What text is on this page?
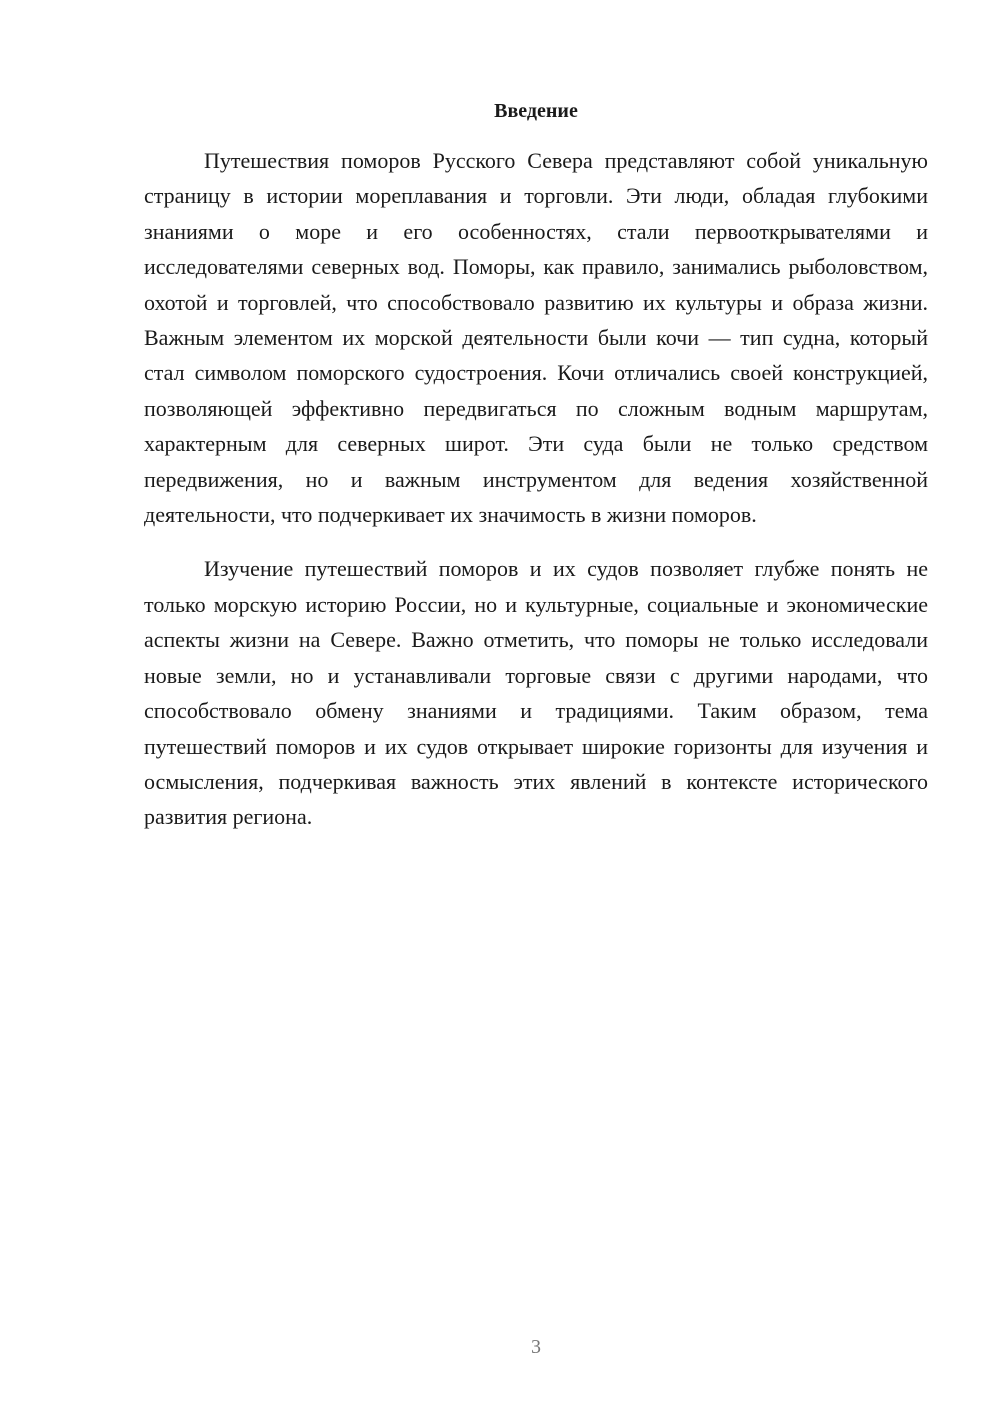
Введение

Путешествия поморов Русского Севера представляют собой уникальную страницу в истории мореплавания и торговли. Эти люди, обладая глубокими знаниями о море и его особенностях, стали первооткрывателями и исследователями северных вод. Поморы, как правило, занимались рыболовством, охотой и торговлей, что способствовало развитию их культуры и образа жизни. Важным элементом их морской деятельности были кочи — тип судна, который стал символом поморского судостроения. Кочи отличались своей конструкцией, позволяющей эффективно передвигаться по сложным водным маршрутам, характерным для северных широт. Эти суда были не только средством передвижения, но и важным инструментом для ведения хозяйственной деятельности, что подчеркивает их значимость в жизни поморов.

Изучение путешествий поморов и их судов позволяет глубже понять не только морскую историю России, но и культурные, социальные и экономические аспекты жизни на Севере. Важно отметить, что поморы не только исследовали новые земли, но и устанавливали торговые связи с другими народами, что способствовало обмену знаниями и традициями. Таким образом, тема путешествий поморов и их судов открывает широкие горизонты для изучения и осмысления, подчеркивая важность этих явлений в контексте исторического развития региона.

3
